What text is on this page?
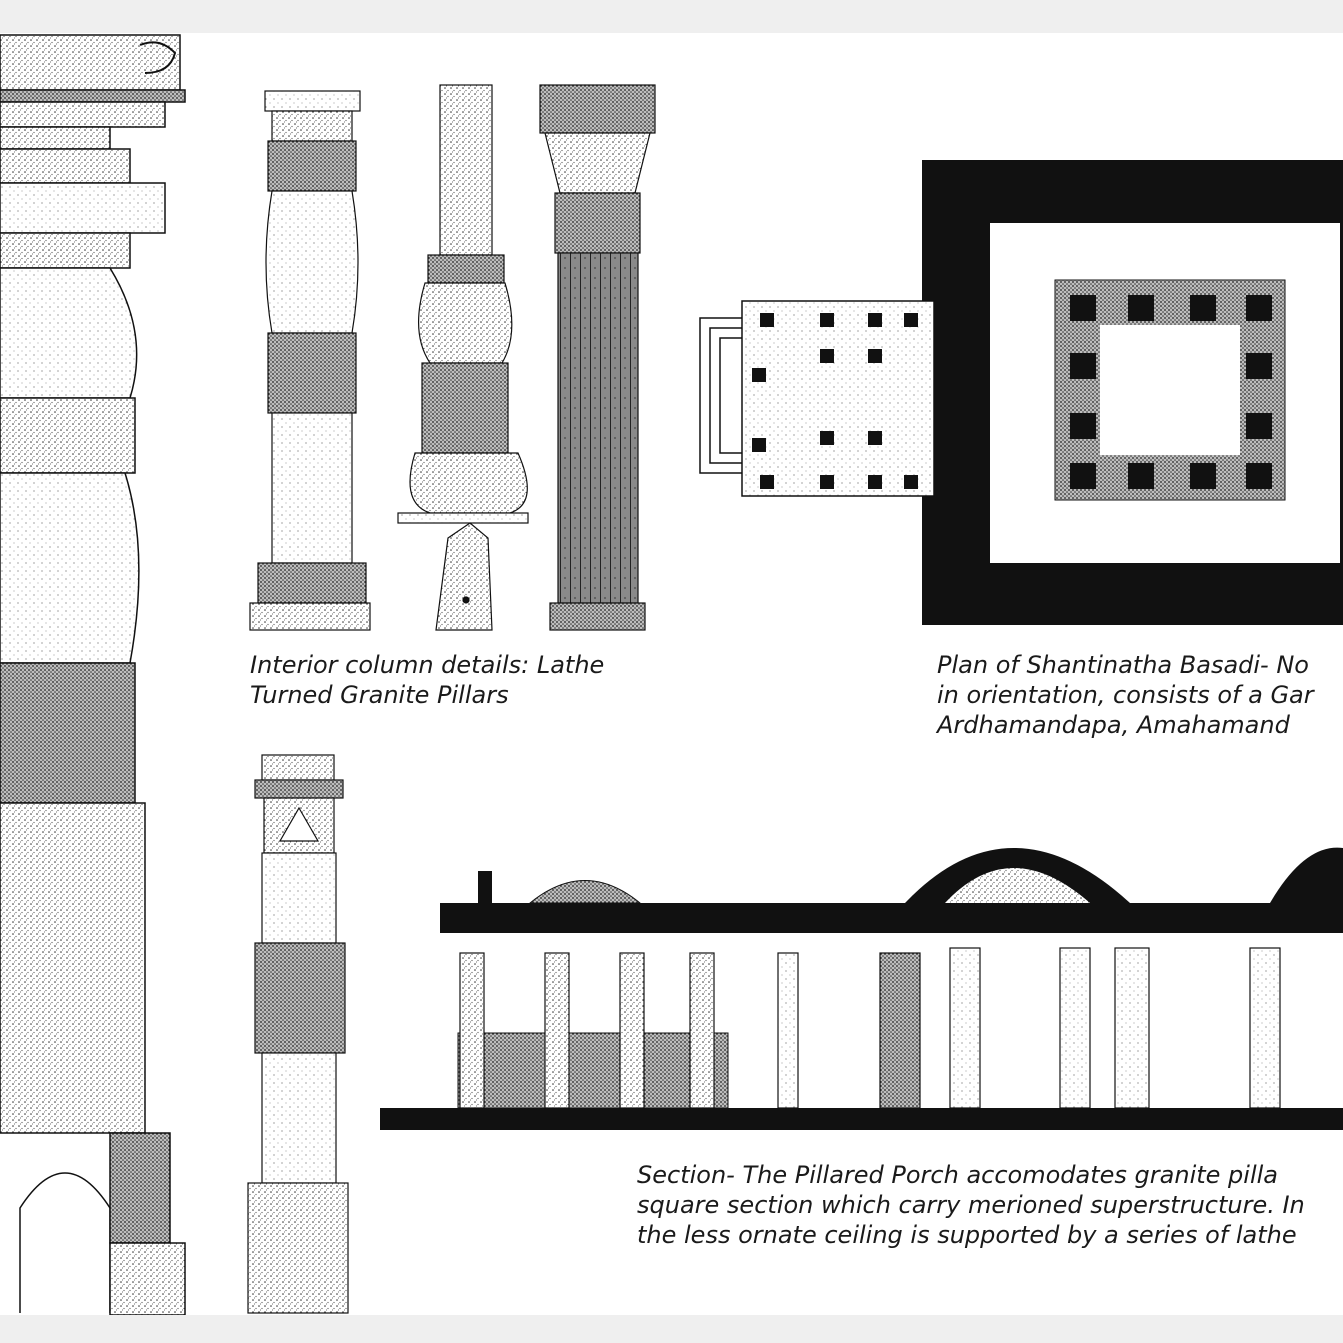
Interior column details: Lathe
Turned Granite Pillars
Plan of Shantinatha Basadi- No
in orientation, consists of a Gar
Ardhamandapa, Amahamand
Section- The Pillared Porch accomodates granite pilla
square section which carry merioned superstructure. In
the less ornate ceiling is supported by a series of lathe
